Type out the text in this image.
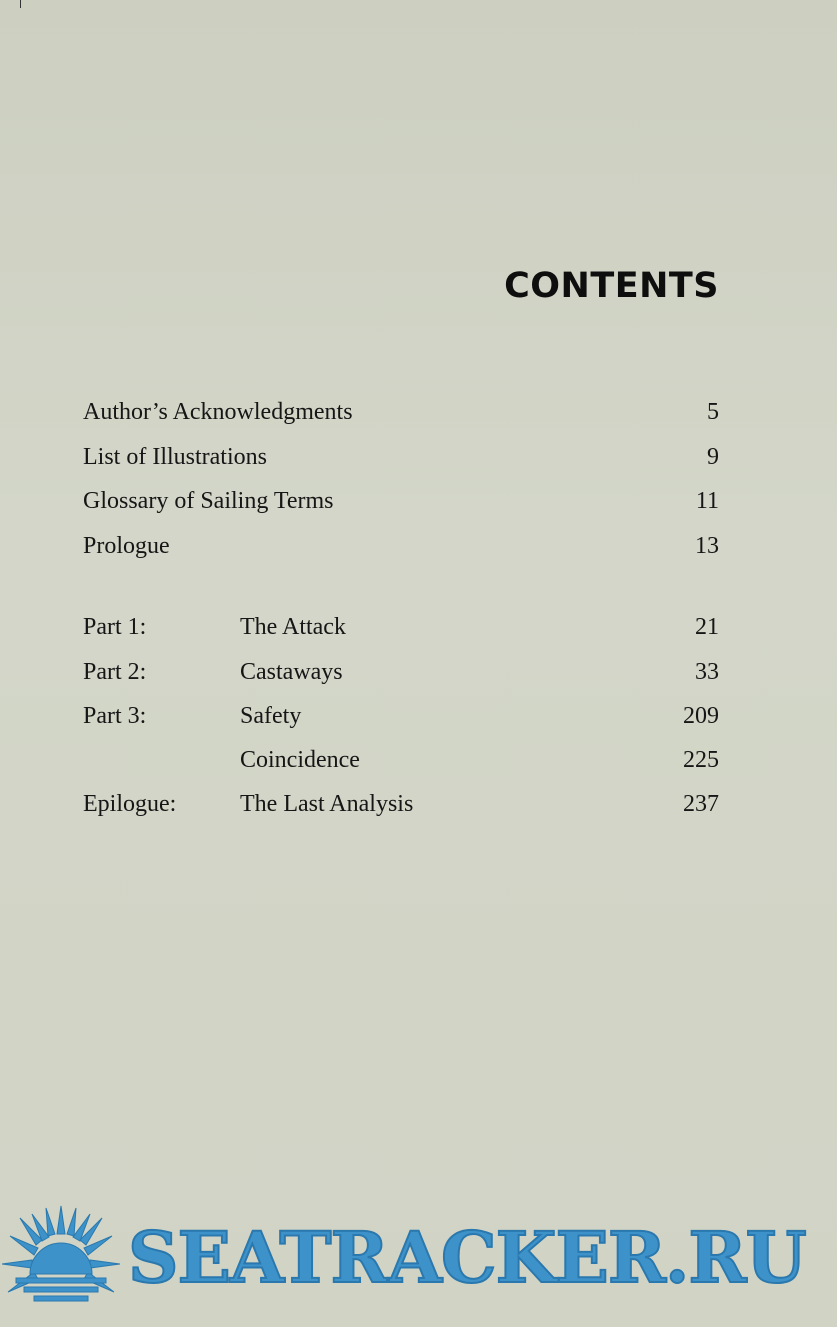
CONTENTS
Author’s Acknowledgments	5
List of Illustrations	9
Glossary of Sailing Terms	11
Prologue	13
Part 1:	The Attack	21
Part 2:	Castaways	33
Part 3:	Safety	209
Coincidence	225
Epilogue:	The Last Analysis	237
SEATRACKER.RU
